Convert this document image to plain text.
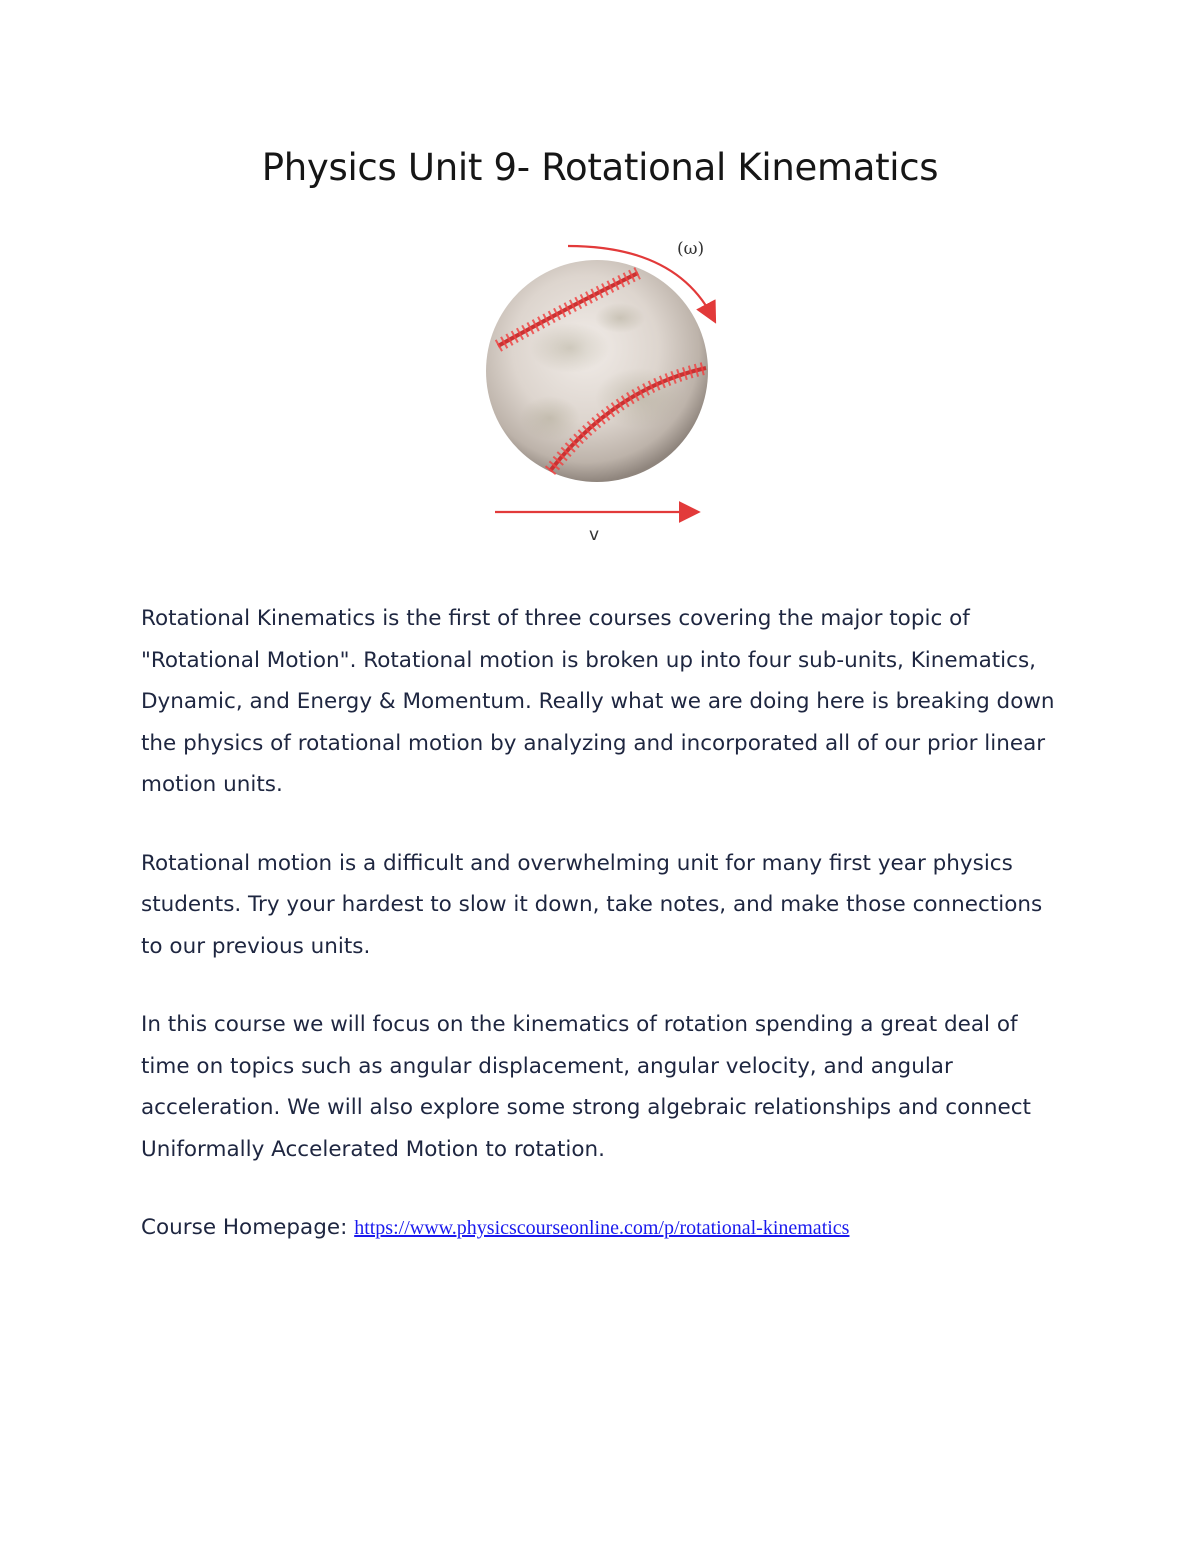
Physics Unit 9- Rotational Kinematics
(ω)
v

Rotational Kinematics is the first of three courses covering the major topic of "Rotational Motion". Rotational motion is broken up into four sub-units, Kinematics, Dynamic, and Energy & Momentum. Really what we are doing here is breaking down the physics of rotational motion by analyzing and incorporated all of our prior linear motion units.

Rotational motion is a difficult and overwhelming unit for many first year physics students. Try your hardest to slow it down, take notes, and make those connections to our previous units.

In this course we will focus on the kinematics of rotation spending a great deal of time on topics such as angular displacement, angular velocity, and angular acceleration. We will also explore some strong algebraic relationships and connect Uniformally Accelerated Motion to rotation.

Course Homepage: https://www.physicscourseonline.com/p/rotational-kinematics
